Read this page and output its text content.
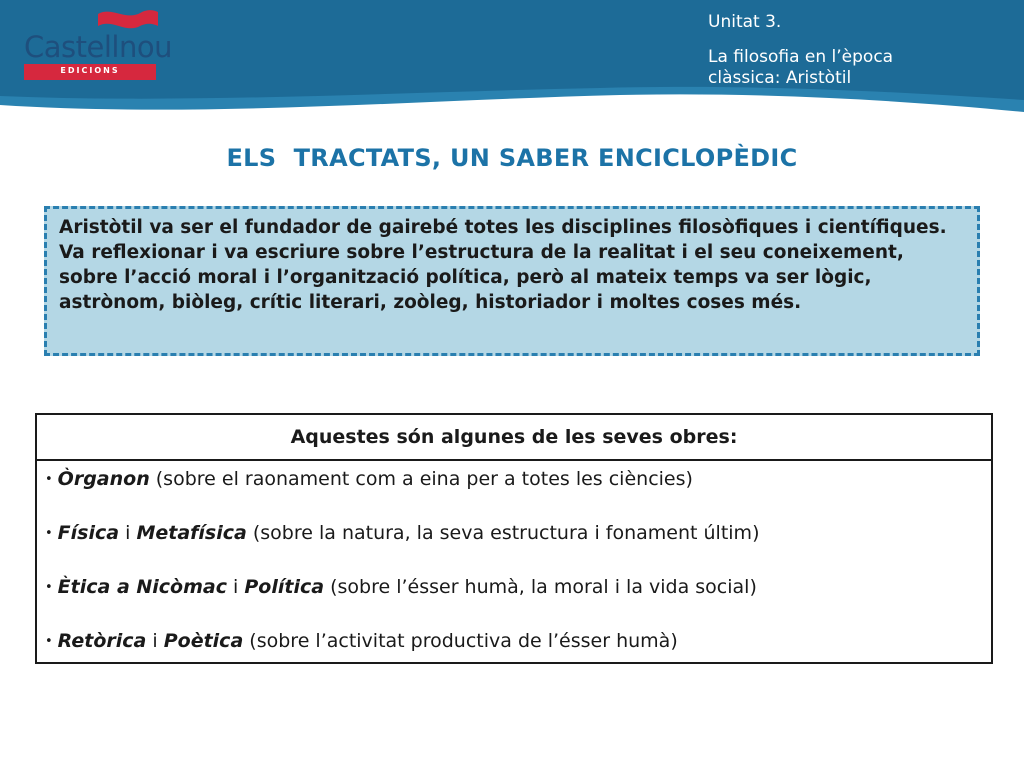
Castellnou
EDICIONS

Unitat 3.

La filosofia en l’època
clàssica: Aristòtil

ELS  TRACTATS, UN SABER ENCICLOPÈDIC

Aristòtil va ser el fundador de gairebé totes les disciplines filosòfiques i científiques. Va reflexionar i va escriure sobre l’estructura de la realitat i el seu coneixement, sobre l’acció moral i l’organització política, però al mateix temps va ser lògic, astrònom, biòleg, crític literari, zoòleg, historiador i moltes coses més.

Aquestes són algunes de les seves obres:
• Òrganon (sobre el raonament com a eina per a totes les ciències)
• Física i Metafísica (sobre la natura, la seva estructura i fonament últim)
• Ètica a Nicòmac i Política (sobre l’ésser humà, la moral i la vida social)
• Retòrica i Poètica (sobre l’activitat productiva de l’ésser humà)
